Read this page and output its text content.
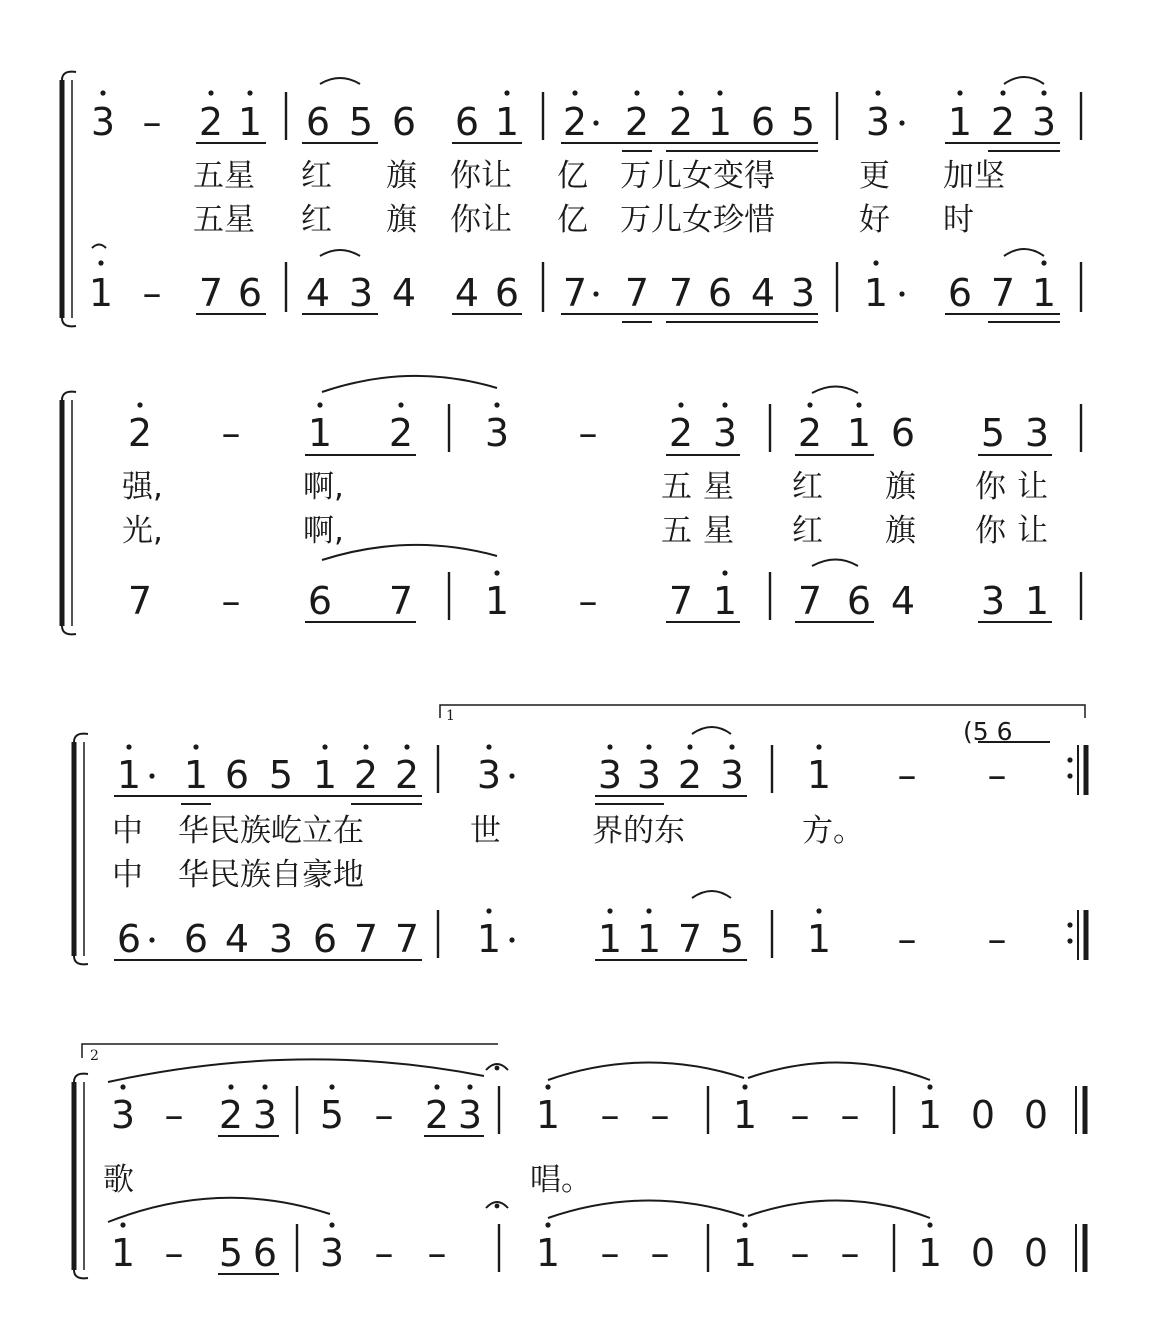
3 – 2 1 6 5 6 6 1 2 2 2 1 6 5 3 1 2 3
五星 红 旗 你让 亿 万儿女变得	更 加坚
五星 红 旗 你让 亿 万儿女珍惜	好 时
1 – 7 6 4 3 4 4 6 7 7 7 6 4 3 1 6 7 1
2 – 1 2 3 – 2 3 2 1 6 5 3
强,	啊,	五 星 红 旗 你 让
光,	啊,	五 星 红 旗 你 让
7 – 6 7 1 – 7 1 7 6 4 3 1
1
1 1 6 5 1 2 2 3	3 3 2 3 1 – –
(5 6
中 华民族屹立在	世	界的东	方。
中 华民族自豪地
6 6 4 3 6 7 7 1	1 1 7 5 1 – –
2
3 – 2 3 5 – 2 3 1 – – 1 – – 1 0 0
歌	唱。
1 – 5 6 3 – – 1 – – 1 – – 1 0 0
